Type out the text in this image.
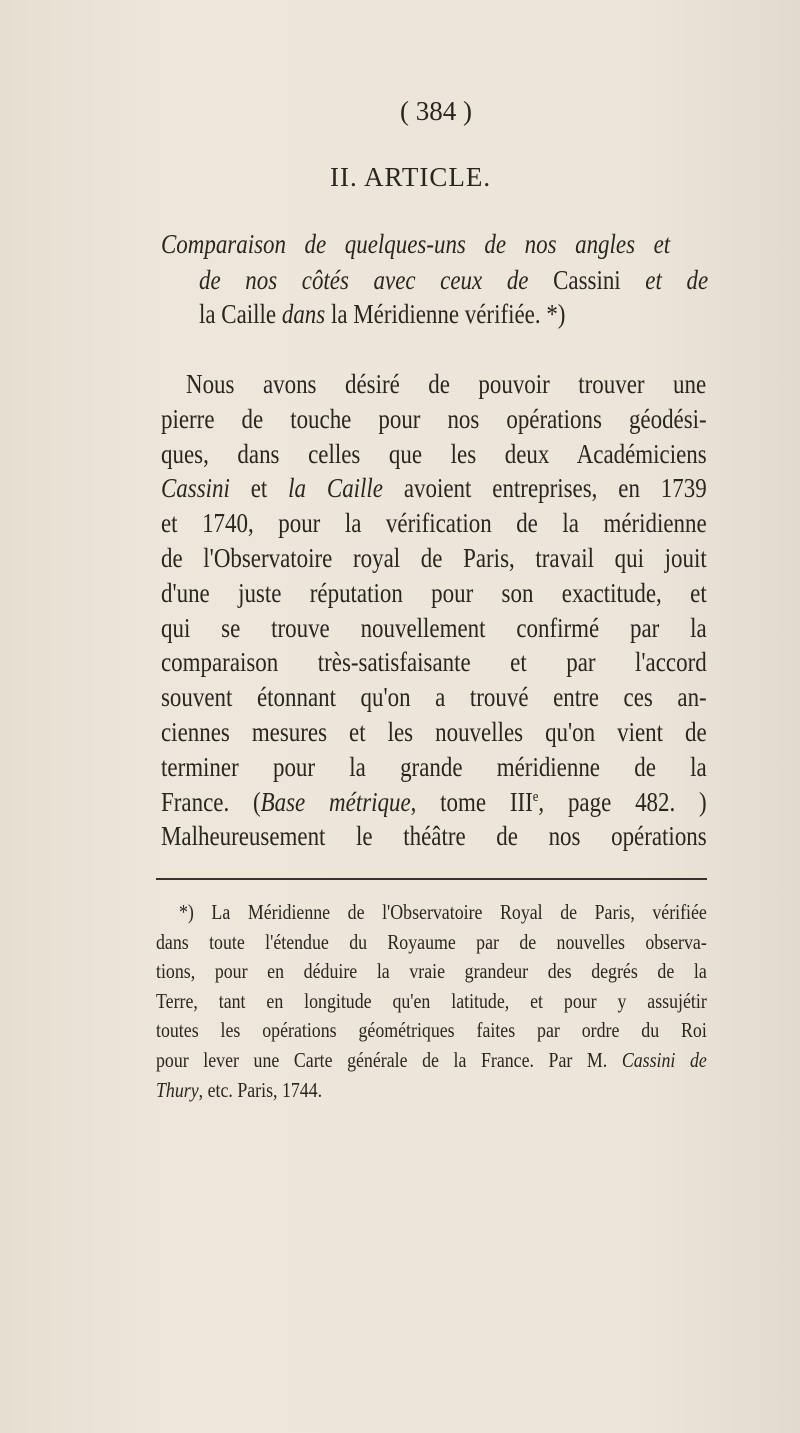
( 384 )
II. ARTICLE.
Comparaison de quelques-uns de nos angles et
de nos côtés avec ceux de Cassini et de
la Caille dans la Méridienne vérifiée. *)
Nous avons désiré de pouvoir trouver une
pierre de touche pour nos opérations géodési-
ques, dans celles que les deux Académiciens
Cassini et la Caille avoient entreprises, en 1739
et 1740, pour la vérification de la méridienne
de l'Observatoire royal de Paris, travail qui jouit
d'une juste réputation pour son exactitude, et
qui se trouve nouvellement confirmé par la
comparaison très-satisfaisante et par l'accord
souvent étonnant qu'on a trouvé entre ces an-
ciennes mesures et les nouvelles qu'on vient de
terminer pour la grande méridienne de la
France. (Base métrique, tome IIIe, page 482. )
Malheureusement le théâtre de nos opérations
*) La Méridienne de l'Observatoire Royal de Paris, vérifiée
dans toute l'étendue du Royaume par de nouvelles observa-
tions, pour en déduire la vraie grandeur des degrés de la
Terre, tant en longitude qu'en latitude, et pour y assujétir
toutes les opérations géométriques faites par ordre du Roi
pour lever une Carte générale de la France. Par M. Cassini de
Thury, etc. Paris, 1744.
